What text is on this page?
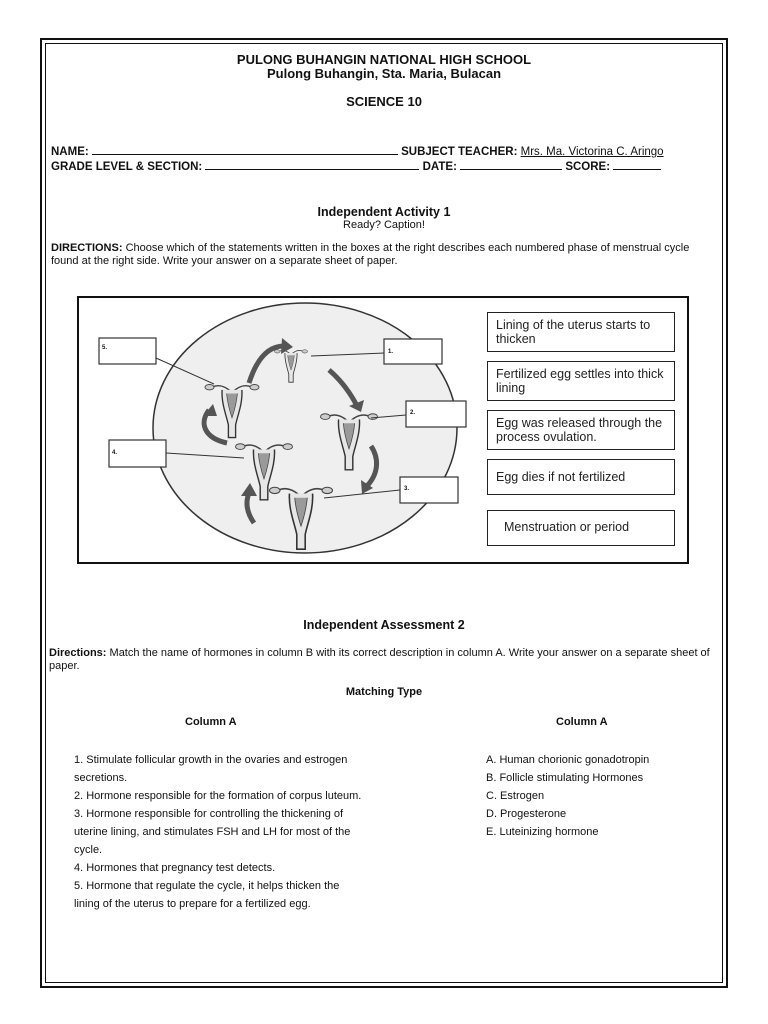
PULONG BUHANGIN NATIONAL HIGH SCHOOL
Pulong Buhangin, Sta. Maria, Bulacan
SCIENCE 10
NAME:	SUBJECT TEACHER: Mrs. Ma. Victorina C. Aringo
GRADE LEVEL & SECTION:	DATE:	SCORE:
Independent Activity 1
Ready? Caption!
DIRECTIONS: Choose which of the statements written in the boxes at the right describes each numbered phase of menstrual cycle found at the right side. Write your answer on a separate sheet of paper.
5.
1.
2.
4.
3.
Lining of the uterus starts to thicken
Fertilized egg settles into thick lining
Egg was released through the process ovulation.
Egg dies if not fertilized
Menstruation or period
Independent Assessment 2
Directions: Match the name of hormones in column B with its correct description in column A. Write your answer on a separate sheet of paper.
Matching Type
Column A	Column A
1. Stimulate follicular growth in the ovaries and estrogen secretions.
2. Hormone responsible for the formation of corpus luteum.
3. Hormone responsible for controlling the thickening of uterine lining, and stimulates FSH and LH for most of the cycle.
4. Hormones that pregnancy test detects.
5. Hormone that regulate the cycle, it helps thicken the lining of the uterus to prepare for a fertilized egg.
A. Human chorionic gonadotropin
B. Follicle stimulating Hormones
C. Estrogen
D. Progesterone
E. Luteinizing hormone
